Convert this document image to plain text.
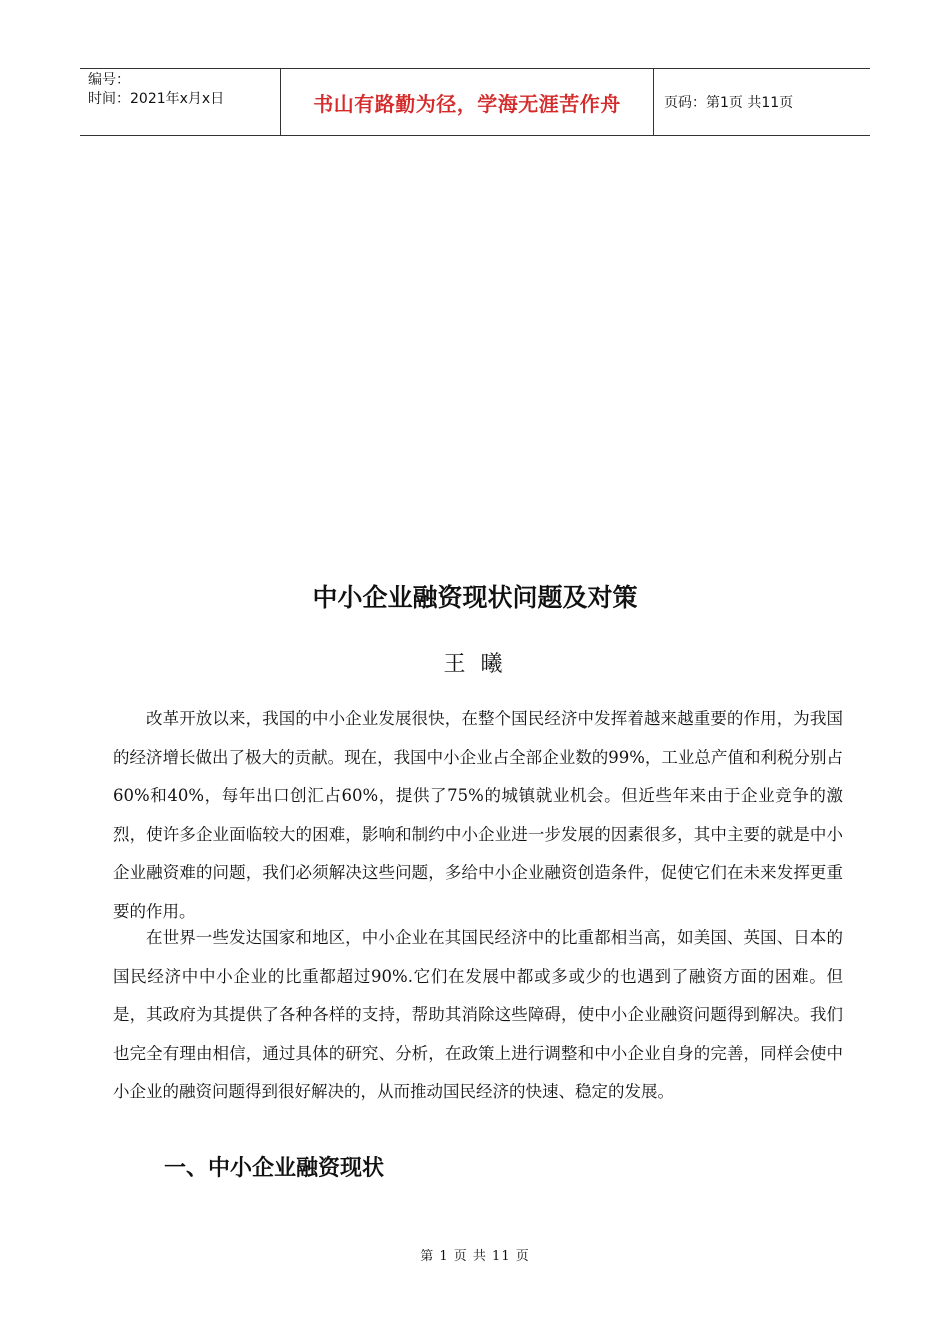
编号：
时间：2021年x月x日	书山有路勤为径，学海无涯苦作舟	页码：第1页 共11页
中小企业融资现状问题及对策
王 曦

改革开放以来，我国的中小企业发展很快，在整个国民经济中发挥着越来越重要的作用，为我国的经济增长做出了极大的贡献。现在，我国中小企业占全部企业数的99%，工业总产值和利税分别占60%和40%，每年出口创汇占60%，提供了75%的城镇就业机会。但近些年来由于企业竞争的激烈，使许多企业面临较大的困难，影响和制约中小企业进一步发展的因素很多，其中主要的就是中小企业融资难的问题，我们必须解决这些问题，多给中小企业融资创造条件，促使它们在未来发挥更重要的作用。

在世界一些发达国家和地区，中小企业在其国民经济中的比重都相当高，如美国、英国、日本的国民经济中中小企业的比重都超过90%.它们在发展中都或多或少的也遇到了融资方面的困难。但是，其政府为其提供了各种各样的支持，帮助其消除这些障碍，使中小企业融资问题得到解决。我们也完全有理由相信，通过具体的研究、分析，在政策上进行调整和中小企业自身的完善，同样会使中小企业的融资问题得到很好解决的，从而推动国民经济的快速、稳定的发展。

一、中小企业融资现状
第 1 页 共 11 页
